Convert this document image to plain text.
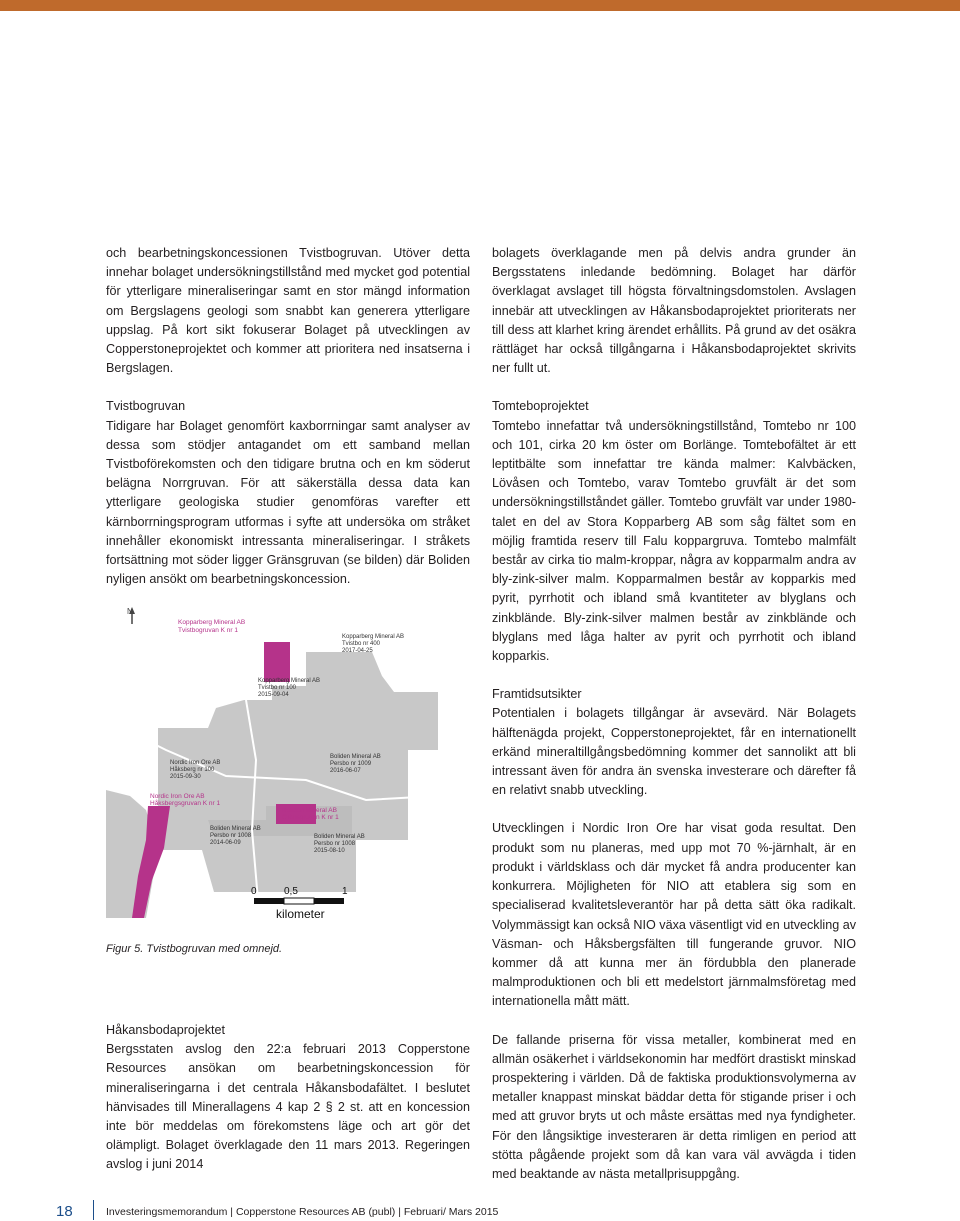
och bearbetningskoncessionen Tvistbogruvan. Utöver detta innehar bolaget undersökningstillstånd med mycket god potential för ytterligare mineraliseringar samt en stor mängd information om Bergslagens geologi som snabbt kan generera ytterligare uppslag. På kort sikt fokuserar Bolaget på utvecklingen av Copperstoneprojektet och kommer att prioritera ned insatserna i Bergslagen.

Tvistbogruvan

Tidigare har Bolaget genomfört kaxborrningar samt analyser av dessa som stödjer antagandet om ett samband mellan Tvistboförekomsten och den tidigare brutna och en km söderut belägna Norrgruvan. För att säkerställa dessa data kan ytterligare geologiska studier genomföras varefter ett kärnborrningsprogram utformas i syfte att undersöka om stråket innehåller ekonomiskt intressanta mineraliseringar. I stråkets fortsättning mot söder ligger Gränsgruvan (se bilden) där Boliden nyligen ansökt om bearbetningskoncession.

N
Kopparberg Mineral AB
Tvistbogruvan K nr 1
Nordic Iron Ore AB
Håksbergsgruvan K nr 1
Boliden Mineral AB
Gränsgruvan K nr 1
Kopparberg Mineral AB
Tvistbo nr 400
2017-04-25
Kopparberg Mineral AB
Tvistbo nr 100
2015-09-04
Boliden Mineral AB
Persbo nr 1009
2016-06-07
Nordic Iron Ore AB
Håksberg nr 100
2015-09-30
Boliden Mineral AB
Persbo nr 1008
2014-06-09
Boliden Mineral AB
Persbo nr 1008
2015-08-10
0	0,5	1
kilometer
Figur 5. Tvistbogruvan med omnejd.

Håkansbodaprojektet

Bergsstaten avslog den 22:a februari 2013 Copperstone Resources ansökan om bearbetningskoncession för mineraliseringarna i det centrala Håkansbodafältet. I beslutet hänvisades till Minerallagens 4 kap 2 § 2 st. att en koncession inte bör meddelas om förekomstens läge och art gör det olämpligt. Bolaget överklagade den 11 mars 2013. Regeringen avslog i juni 2014

bolagets överklagande men på delvis andra grunder än Bergsstatens inledande bedömning. Bolaget har därför överklagat avslaget till högsta förvaltningsdomstolen. Avslagen innebär att utvecklingen av Håkansbodaprojektet prioriterats ner till dess att klarhet kring ärendet erhållits. På grund av det osäkra rättläget har också tillgångarna i Håkansbodaprojektet skrivits ner fullt ut.

Tomteboprojektet

Tomtebo innefattar två undersökningstillstånd, Tomtebo nr 100 och 101, cirka 20 km öster om Borlänge. Tomtebofältet är ett leptitbälte som innefattar tre kända malmer: Kalvbäcken, Lövåsen och Tomtebo, varav Tomtebo gruvfält är det som undersökningstillståndet gäller. Tomtebo gruvfält var under 1980-talet en del av Stora Kopparberg AB som såg fältet som en möjlig framtida reserv till Falu koppargruva. Tomtebo malmfält består av cirka tio malm-kroppar, några av kopparmalm andra av bly-zink-silver malm. Kopparmalmen består av kopparkis med pyrit, pyrrhotit och ibland små kvantiteter av blyglans och zinkblände. Bly-zink-silver malmen består av zinkblände och blyglans med låga halter av pyrit och pyrrhotit och ibland kopparkis.

Framtidsutsikter

Potentialen i bolagets tillgångar är avsevärd. När Bolagets hälftenägda projekt, Copperstoneprojektet, får en internationellt erkänd mineraltillgångsbedömning kommer det sannolikt att bli intressant även för andra än svenska investerare och därefter få en relativt snabb utveckling.

Utvecklingen i Nordic Iron Ore har visat goda resultat. Den produkt som nu planeras, med upp mot 70 %-järnhalt, är en produkt i världsklass och där mycket få andra producenter kan konkurrera. Möjligheten för NIO att etablera sig som en specialiserad kvalitetsleverantör har på detta sätt öka radikalt. Volymmässigt kan också NIO växa väsentligt vid en utveckling av Väsman- och Håksbergsfälten till fungerande gruvor. NIO kommer då att kunna mer än fördubbla den planerade malmproduktionen och bli ett medelstort järnmalmsföretag med internationella mått mätt.

De fallande priserna för vissa metaller, kombinerat med en allmän osäkerhet i världsekonomin har medfört drastiskt minskad prospektering i världen. Då de faktiska produktionsvolymerna av metaller knappast minskat bäddar detta för stigande priser i och med att gruvor bryts ut och måste ersättas med nya fyndigheter. För den långsiktige investeraren är detta rimligen en period att stötta pågående projekt som då kan vara väl avvägda i tiden med beaktande av nästa metallprisuppgång.

18	Investeringsmemorandum | Copperstone Resources AB (publ) | Februari/ Mars 2015
